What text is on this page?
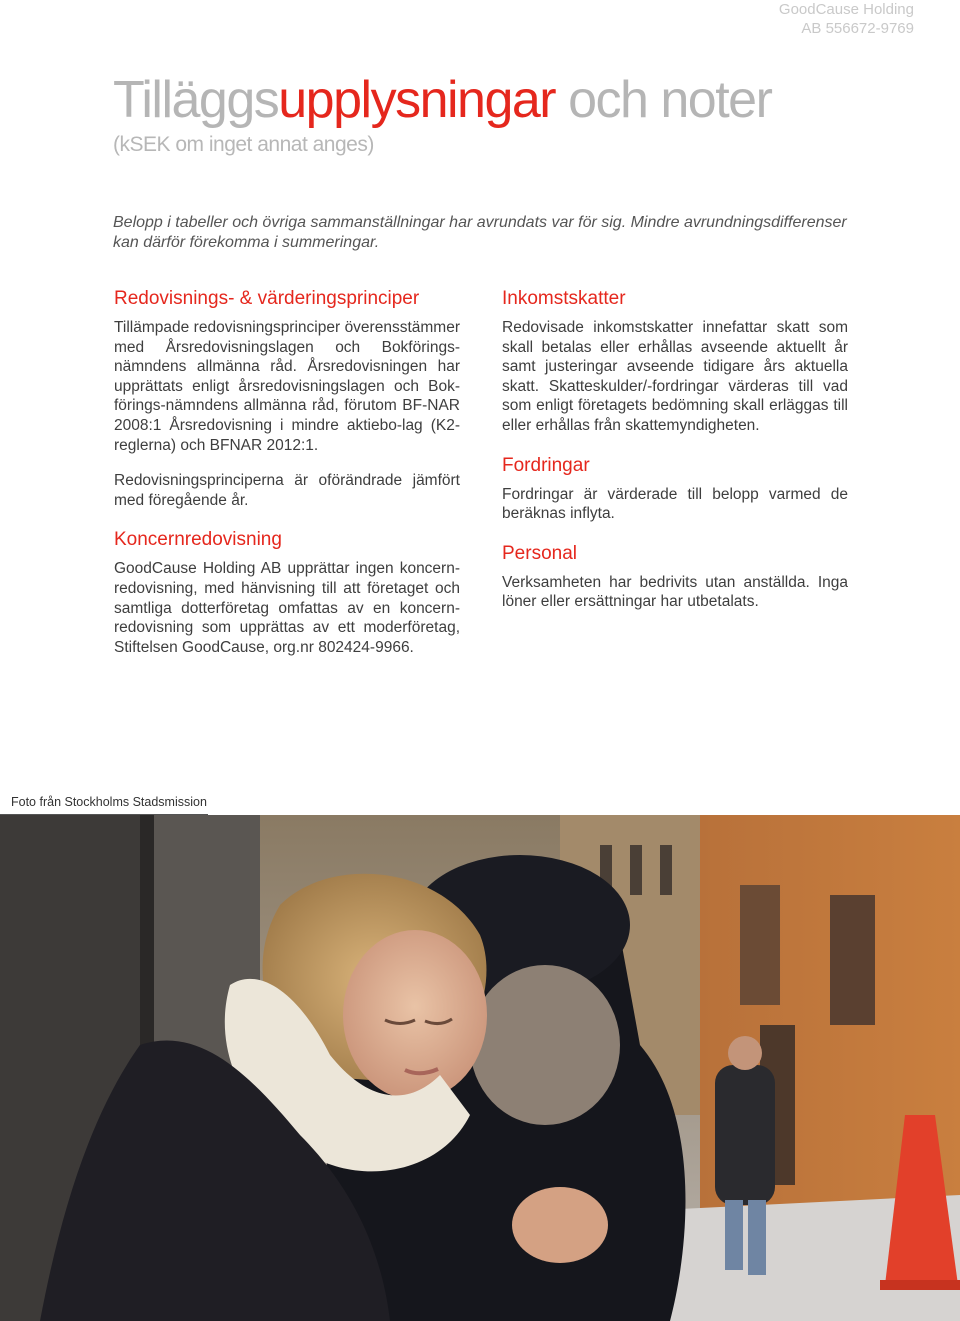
GoodCause Holding
AB 556672-9769
Tilläggsupplysningar och noter
(kSEK om inget annat anges)
Belopp i tabeller och övriga sammanställningar har avrundats var för sig. Mindre avrundningsdifferenser kan därför förekomma i summeringar.
Redovisnings- & värderingsprinciper

Tillämpade redovisningsprinciper överensstämmer med Årsredovisningslagen och Bokförings-nämndens allmänna råd. Årsredovisningen har upprättats enligt årsredovisningslagen och Bok-förings-nämndens allmänna råd, förutom BF-NAR 2008:1 Årsredovisning i mindre aktiebo-lag (K2-reglerna) och BFNAR 2012:1.

Redovisningsprinciperna är oförändrade jämfört med föregående år.

Koncernredovisning

GoodCause Holding AB upprättar ingen koncern-redovisning, med hänvisning till att företaget och samtliga dotterföretag omfattas av en koncern-redovisning som upprättas av ett moderföretag, Stiftelsen GoodCause, org.nr 802424-9966.

Inkomstskatter

Redovisade inkomstskatter innefattar skatt som skall betalas eller erhållas avseende aktuellt år samt justeringar avseende tidigare års aktuella skatt. Skatteskulder/-fordringar värderas till vad som enligt företagets bedömning skall erläggas till eller erhållas från skattemyndigheten.

Fordringar

Fordringar är värderade till belopp varmed de beräknas inflyta.

Personal

Verksamheten har bedrivits utan anställda. Inga löner eller ersättningar har utbetalats.

Foto från Stockholms Stadsmission
